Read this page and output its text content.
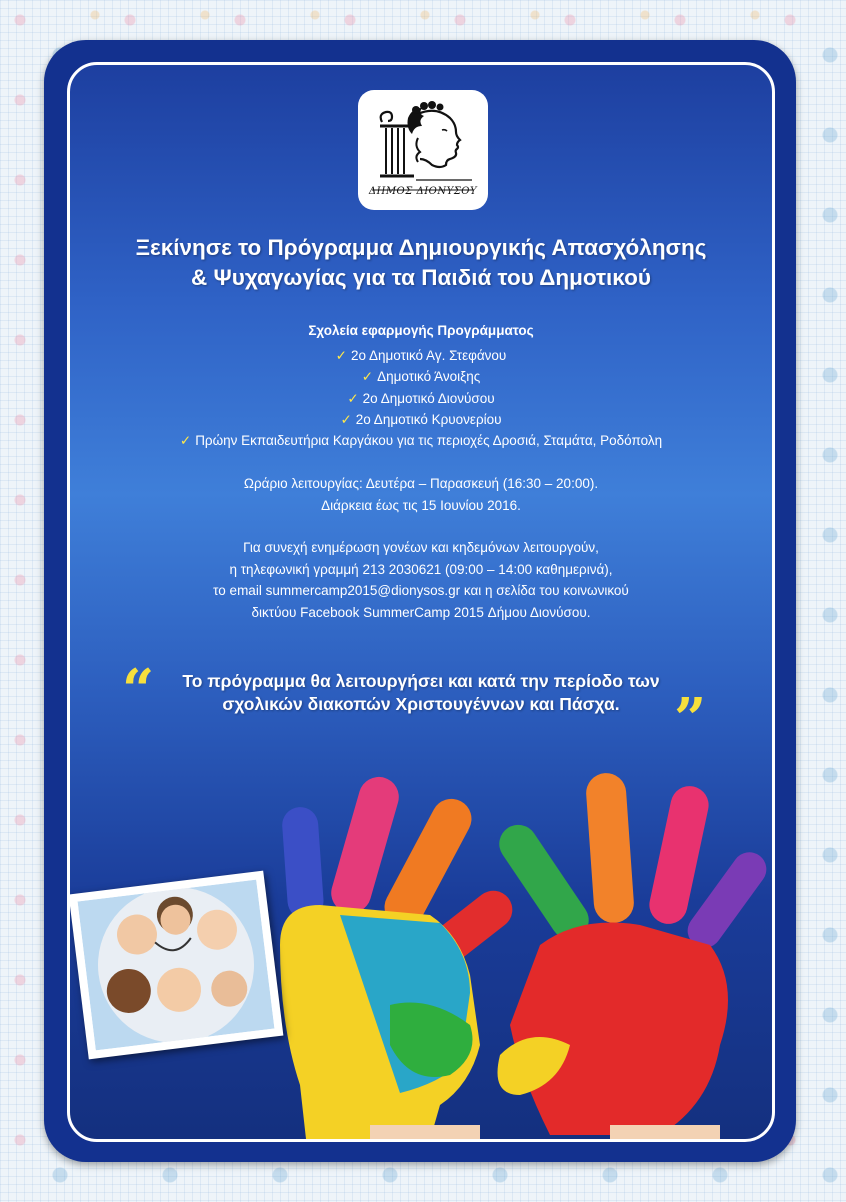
ΔΗΜΟΣ ΔΙΟΝΥΣΟΥ
Ξεκίνησε το Πρόγραμμα Δημιουργικής Απασχόλησης
& Ψυχαγωγίας για τα Παιδιά του Δημοτικού
Σχολεία εφαρμογής Προγράμματος
✓ 2ο Δημοτικό Αγ. Στεφάνου
✓ Δημοτικό Άνοιξης
✓ 2ο Δημοτικό Διονύσου
✓ 2ο Δημοτικό Κρυονερίου
✓ Πρώην Εκπαιδευτήρια Καργάκου για τις περιοχές Δροσιά, Σταμάτα, Ροδόπολη
Ωράριο λειτουργίας: Δευτέρα – Παρασκευή (16:30 – 20:00).
Διάρκεια έως τις 15 Ιουνίου 2016.
Για συνεχή ενημέρωση γονέων και κηδεμόνων λειτουργούν,
η τηλεφωνική γραμμή 213 2030621 (09:00 – 14:00 καθημερινά),
το email summercamp2015@dionysos.gr και η σελίδα του κοινωνικού
δικτύου Facebook SummerCamp 2015 Δήμου Διονύσου.
“	Το πρόγραμμα θα λειτουργήσει και κατά την περίοδο των
σχολικών διακοπών Χριστουγέννων και Πάσχα. ”
